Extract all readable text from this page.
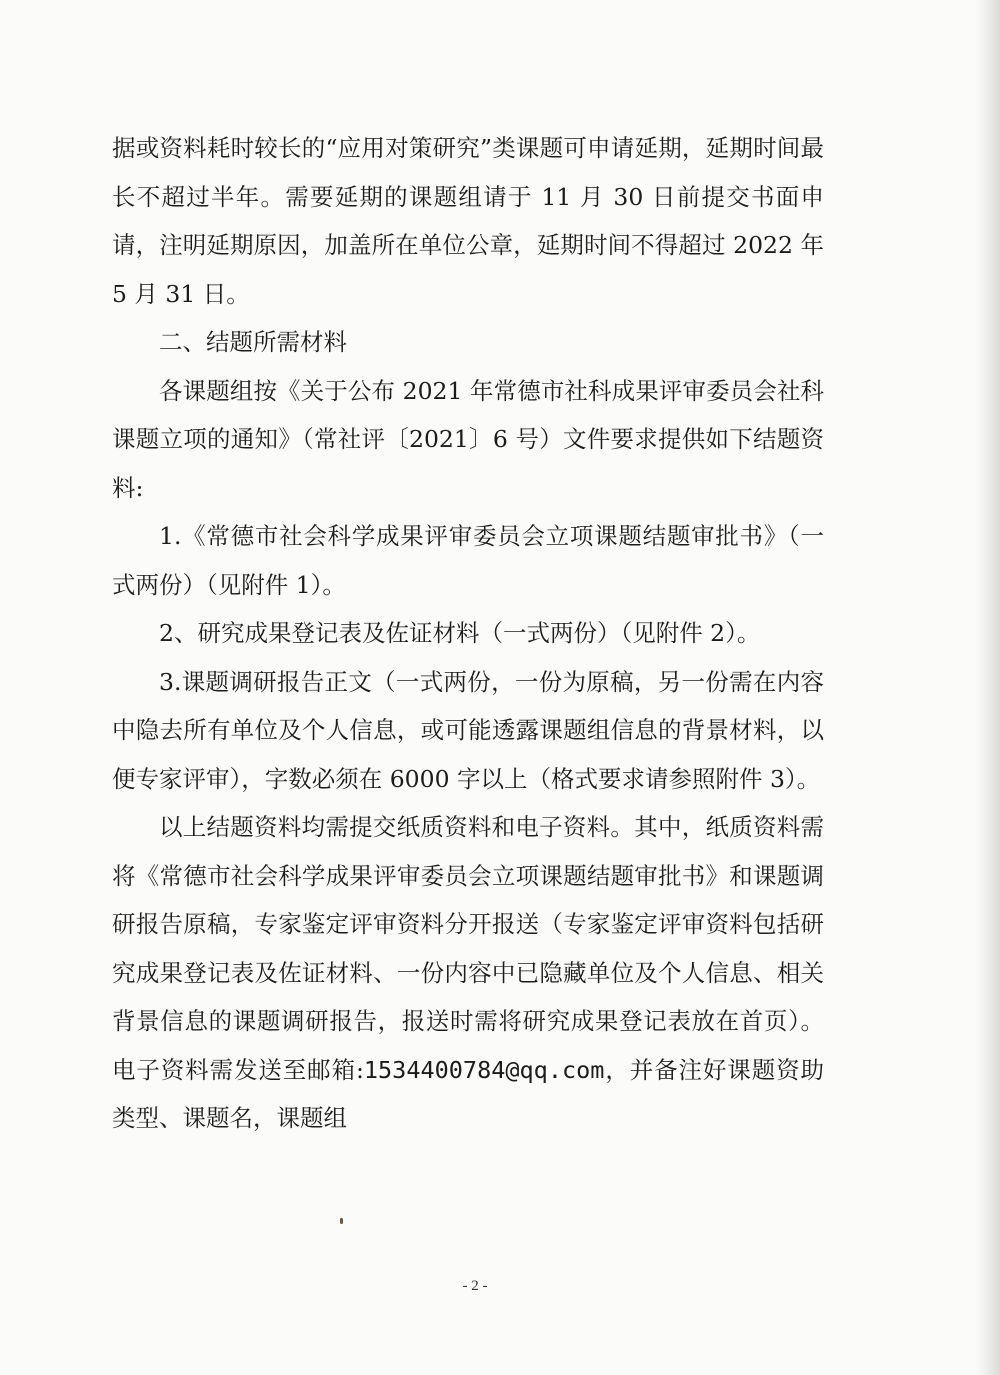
据或资料耗时较长的“应用对策研究”类课题可申请延期，延期时间最长不超过半年。需要延期的课题组请于 11 月 30 日前提交书面申请，注明延期原因，加盖所在单位公章，延期时间不得超过 2022 年 5 月 31 日。

二、结题所需材料

各课题组按《关于公布 2021 年常德市社科成果评审委员会社科课题立项的通知》（常社评〔2021〕6 号）文件要求提供如下结题资料:

1.《常德市社会科学成果评审委员会立项课题结题审批书》（一式两份）（见附件 1）。

2、研究成果登记表及佐证材料（一式两份）（见附件 2）。

3.课题调研报告正文（一式两份，一份为原稿，另一份需在内容中隐去所有单位及个人信息，或可能透露课题组信息的背景材料，以便专家评审），字数必须在 6000 字以上（格式要求请参照附件 3）。

以上结题资料均需提交纸质资料和电子资料。其中，纸质资料需将《常德市社会科学成果评审委员会立项课题结题审批书》和课题调研报告原稿，专家鉴定评审资料分开报送（专家鉴定评审资料包括研究成果登记表及佐证材料、一份内容中已隐藏单位及个人信息、相关背景信息的课题调研报告，报送时需将研究成果登记表放在首页）。电子资料需发送至邮箱:1534400784@qq.com，并备注好课题资助类型、课题名，课题组

- 2 -
